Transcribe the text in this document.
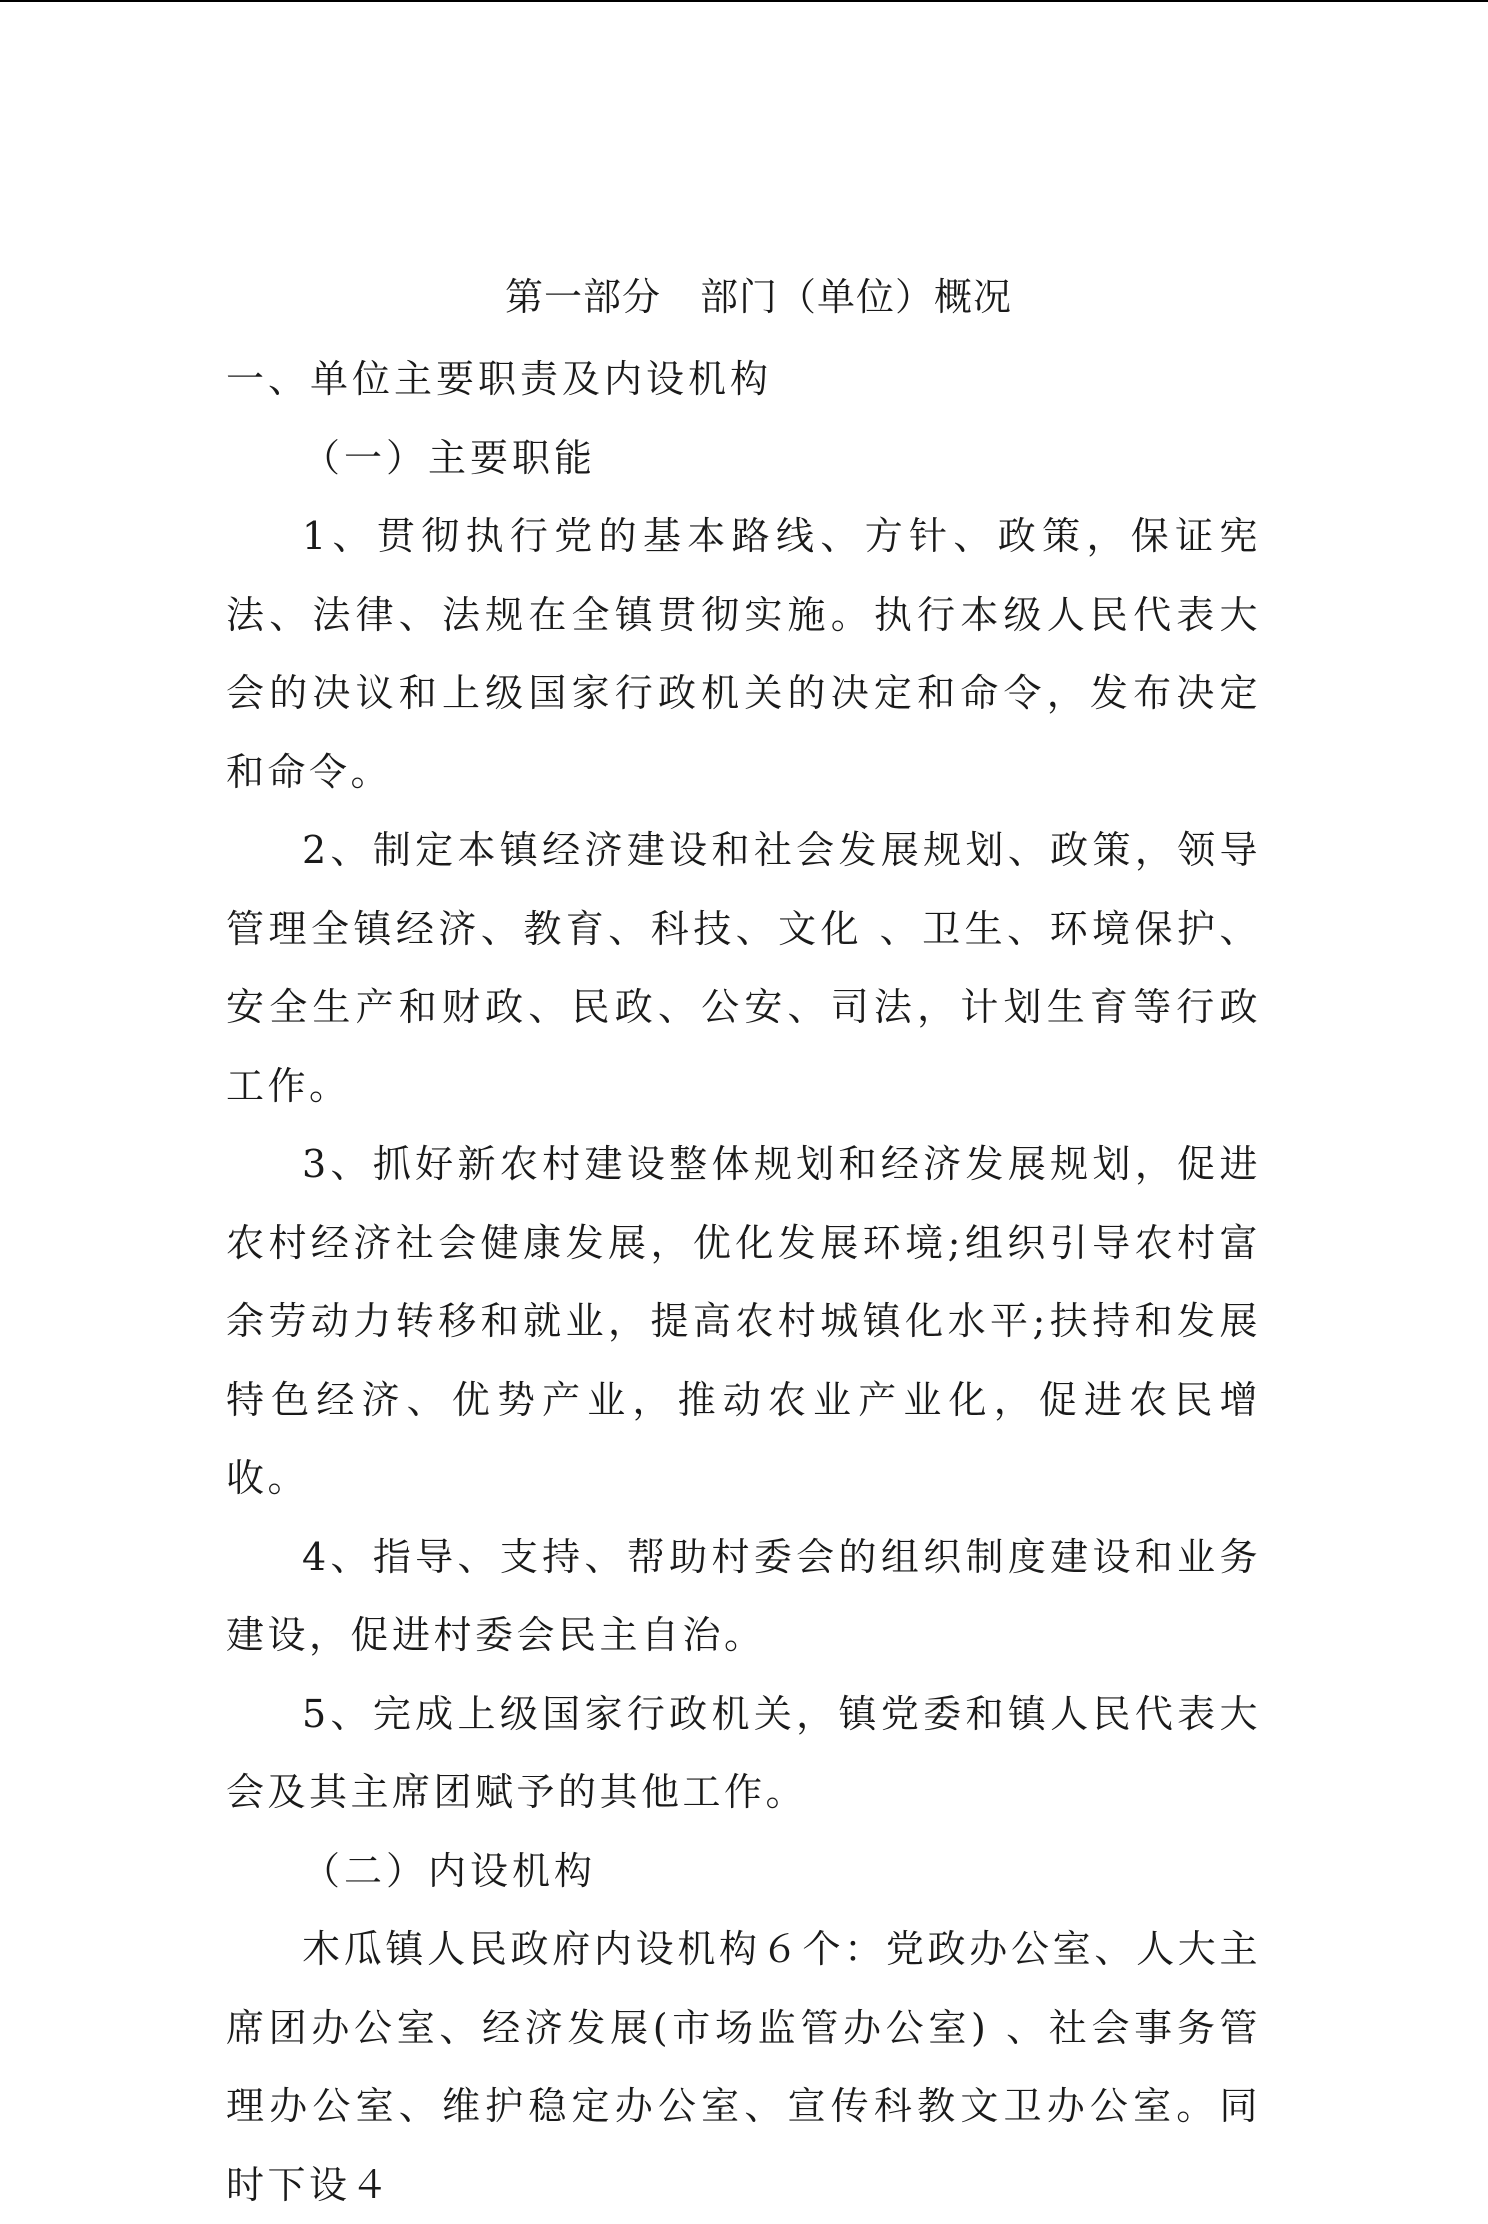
第一部分　部门（单位）概况

一、单位主要职责及内设机构

（一）主要职能

1、贯彻执行党的基本路线、方针、政策，保证宪法、法律、法规在全镇贯彻实施。执行本级人民代表大会的决议和上级国家行政机关的决定和命令，发布决定和命令。

2、制定本镇经济建设和社会发展规划、政策，领导管理全镇经济、教育、科技、文化 、卫生、环境保护、安全生产和财政、民政、公安、司法，计划生育等行政工作。

3、抓好新农村建设整体规划和经济发展规划，促进农村经济社会健康发展，优化发展环境;组织引导农村富余劳动力转移和就业，提高农村城镇化水平;扶持和发展特色经济、优势产业，推动农业产业化，促进农民增收。

4、指导、支持、帮助村委会的组织制度建设和业务建设，促进村委会民主自治。

5、完成上级国家行政机关，镇党委和镇人民代表大会及其主席团赋予的其他工作。

（二）内设机构

木瓜镇人民政府内设机构６个：党政办公室、人大主席团办公室、经济发展(市场监管办公室) 、社会事务管理办公室、维护稳定办公室、宣传科教文卫办公室。同时下设４
